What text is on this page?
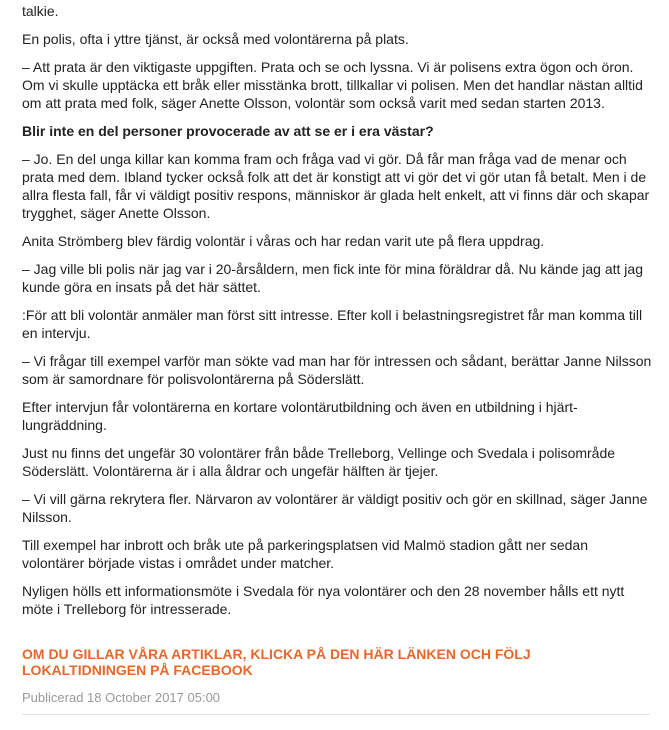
talkie.

En polis, ofta i yttre tjänst, är också med volontärerna på plats.

– Att prata är den viktigaste uppgiften. Prata och se och lyssna. Vi är polisens extra ögon och öron. Om vi skulle upptäcka ett bråk eller misstänka brott, tillkallar vi polisen. Men det handlar nästan alltid om att prata med folk, säger Anette Olsson, volontär som också varit med sedan starten 2013.

Blir inte en del personer provocerade av att se er i era västar?

– Jo. En del unga killar kan komma fram och fråga vad vi gör. Då får man fråga vad de menar och prata med dem. Ibland tycker också folk att det är konstigt att vi gör det vi gör utan få betalt. Men i de allra flesta fall, får vi väldigt positiv respons, människor är glada helt enkelt, att vi finns där och skapar trygghet, säger Anette Olsson.

Anita Strömberg blev färdig volontär i våras och har redan varit ute på flera uppdrag.

– Jag ville bli polis när jag var i 20-årsåldern, men fick inte för mina föräldrar då. Nu kände jag att jag kunde göra en insats på det här sättet.

:För att bli volontär anmäler man först sitt intresse. Efter koll i belastningsregistret får man komma till en intervju.

– Vi frågar till exempel varför man sökte vad man har för intressen och sådant, berättar Janne Nilsson som är samordnare för polisvolontärerna på Söderslätt.

Efter intervjun får volontärerna en kortare volontärutbildning och även en utbildning i hjärt-lungräddning.

Just nu finns det ungefär 30 volontärer från både Trelleborg, Vellinge och Svedala i polisområde Söderslätt. Volontärerna är i alla åldrar och ungefär hälften är tjejer.

– Vi vill gärna rekrytera fler. Närvaron av volontärer är väldigt positiv och gör en skillnad, säger Janne Nilsson.

Till exempel har inbrott och bråk ute på parkeringsplatsen vid Malmö stadion gått ner sedan volontärer började vistas i området under matcher.

Nyligen hölls ett informationsmöte i Svedala för nya volontärer och den 28 november hålls ett nytt möte i Trelleborg för intresserade.

OM DU GILLAR VÅRA ARTIKLAR, KLICKA PÅ DEN HÄR LÄNKEN OCH FÖLJ LOKALTIDNINGEN PÅ FACEBOOK
Publicerad 18 October 2017 05:00
